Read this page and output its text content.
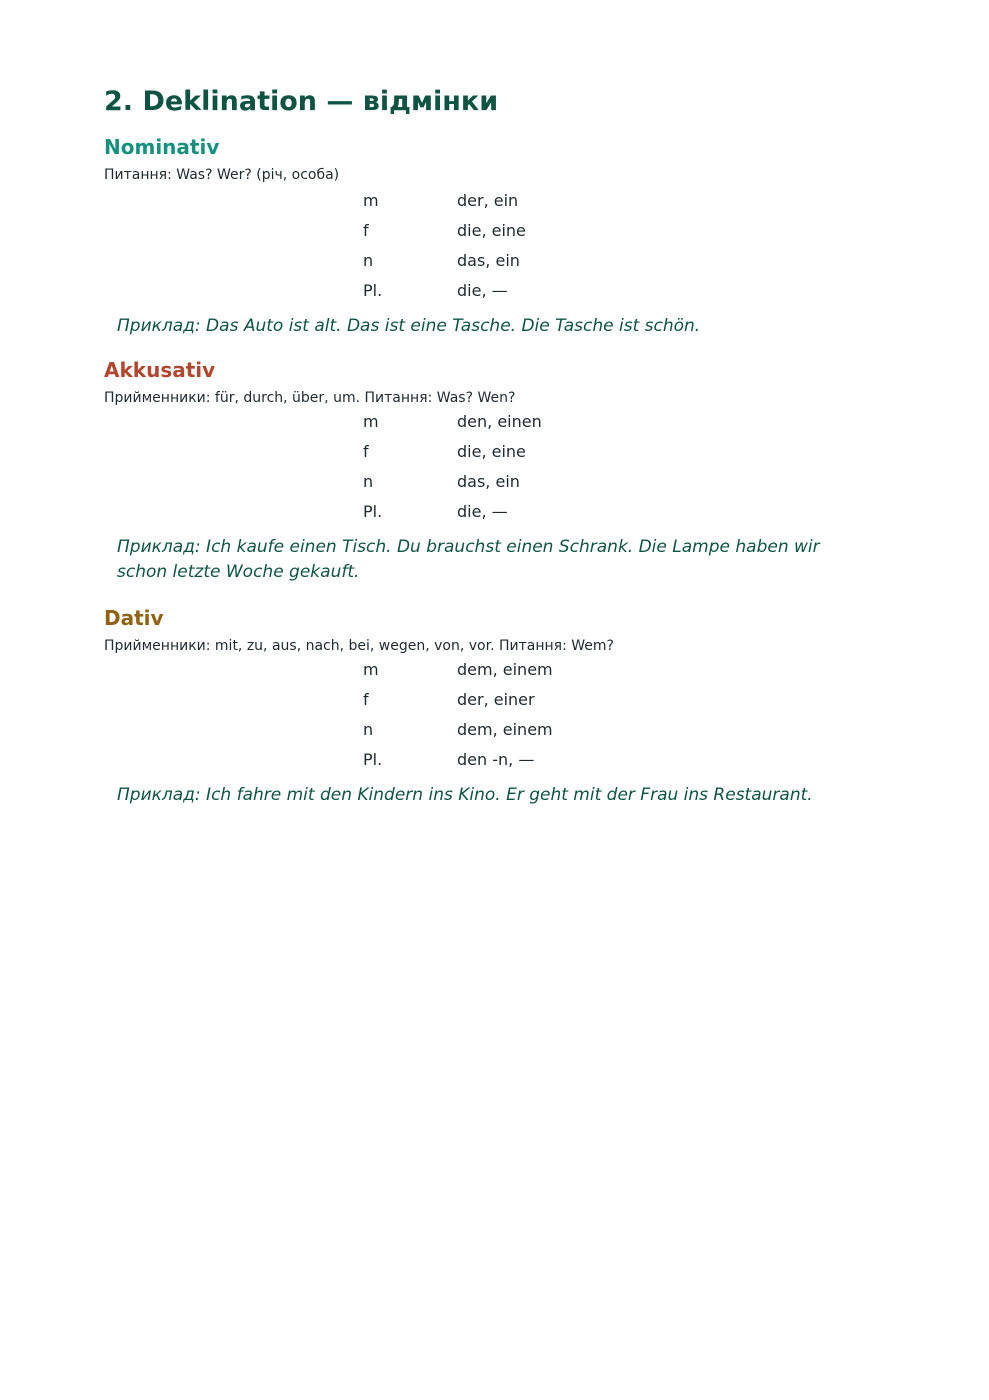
2. Deklination — відмінки
Nominativ

Питання: Was? Wer? (річ, особа)

m	der, ein
f	die, eine
n	das, ein
Pl.	die, —

Приклад: Das Auto ist alt. Das ist eine Tasche. Die Tasche ist schön.

Akkusativ

Прийменники: für, durch, über, um. Питання: Was? Wen?

m	den, einen
f	die, eine
n	das, ein
Pl.	die, —

Приклад: Ich kaufe einen Tisch. Du brauchst einen Schrank. Die Lampe haben wir schon letzte Woche gekauft.

Dativ

Прийменники: mit, zu, aus, nach, bei, wegen, von, vor. Питання: Wem?

m	dem, einem
f	der, einer
n	dem, einem
Pl.	den -n, —

Приклад: Ich fahre mit den Kindern ins Kino. Er geht mit der Frau ins Restaurant.
